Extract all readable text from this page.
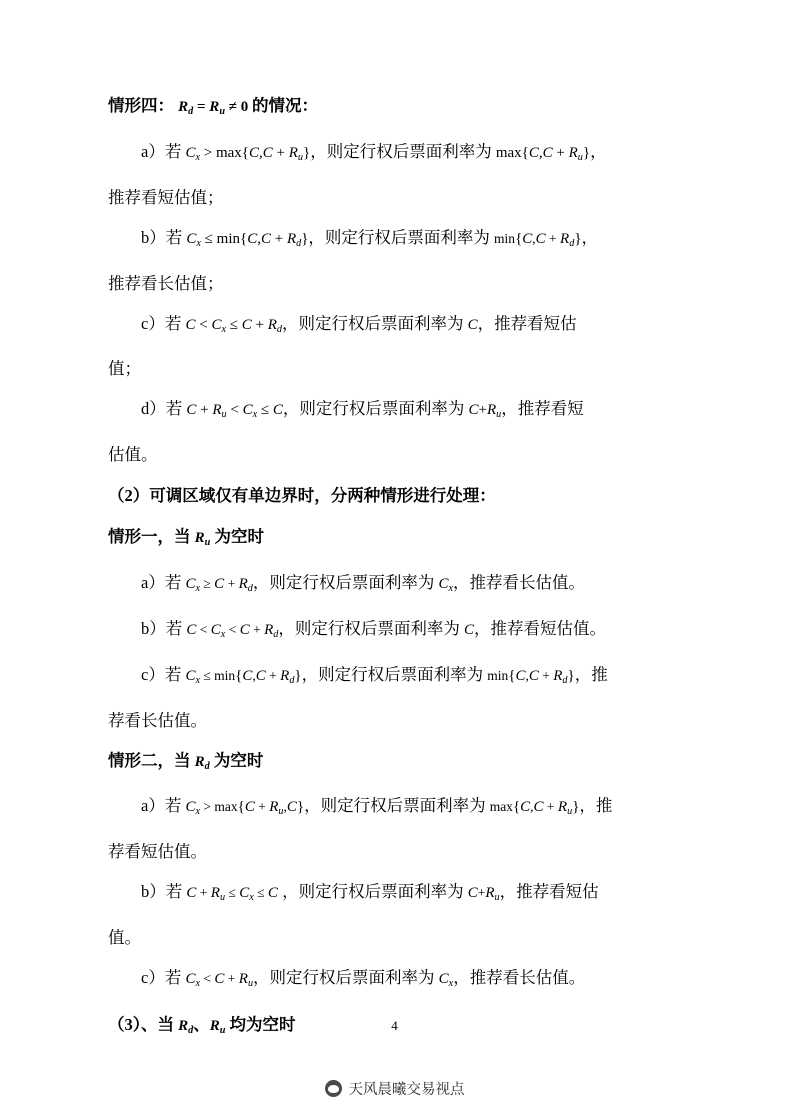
情形四： $R_d = R_u \ne 0$ 的情况：

a）若 $C_x > \max\{C,C + R_u\}$，则定行权后票面利率为 $\max\{C,C + R_u\}$，

推荐看短估值；

b）若 $C_x \le \min\{C,C + R_d\}$，则定行权后票面利率为 $\min\{C,C + R_d\}$，

推荐看长估值；

c）若 $C < C_x \le C + R_d$，则定行权后票面利率为 C，推荐看短估

值；

d）若 $C + R_u < C_x \le C$，则定行权后票面利率为 $C+R_u$，推荐看短

估值。

（2）可调区域仅有单边界时，分两种情形进行处理：

情形一，当 $R_u$ 为空时

a）若 $C_x \ge C + R_d$，则定行权后票面利率为 $C_x$，推荐看长估值。

b）若 $C < C_x < C + R_d$，则定行权后票面利率为 C，推荐看短估值。

c）若 $C_x \le \min\{C,C + R_d\}$，则定行权后票面利率为 $\min\{C,C + R_d\}$，推

荐看长估值。

情形二，当 $R_d$ 为空时

a）若 $C_x > \max\{C + R_u,C\}$，则定行权后票面利率为 $\max\{C,C + R_u\}$，推

荐看短估值。

b）若 $C + R_u \le C_x \le C$ ，则定行权后票面利率为 $C+R_u$，推荐看短估

值。

c）若 $C_x < C + R_u$，则定行权后票面利率为 $C_x$，推荐看长估值。

（3）、当 $R_d$、$R_u$ 均为空时	4
天风晨曦交易视点
